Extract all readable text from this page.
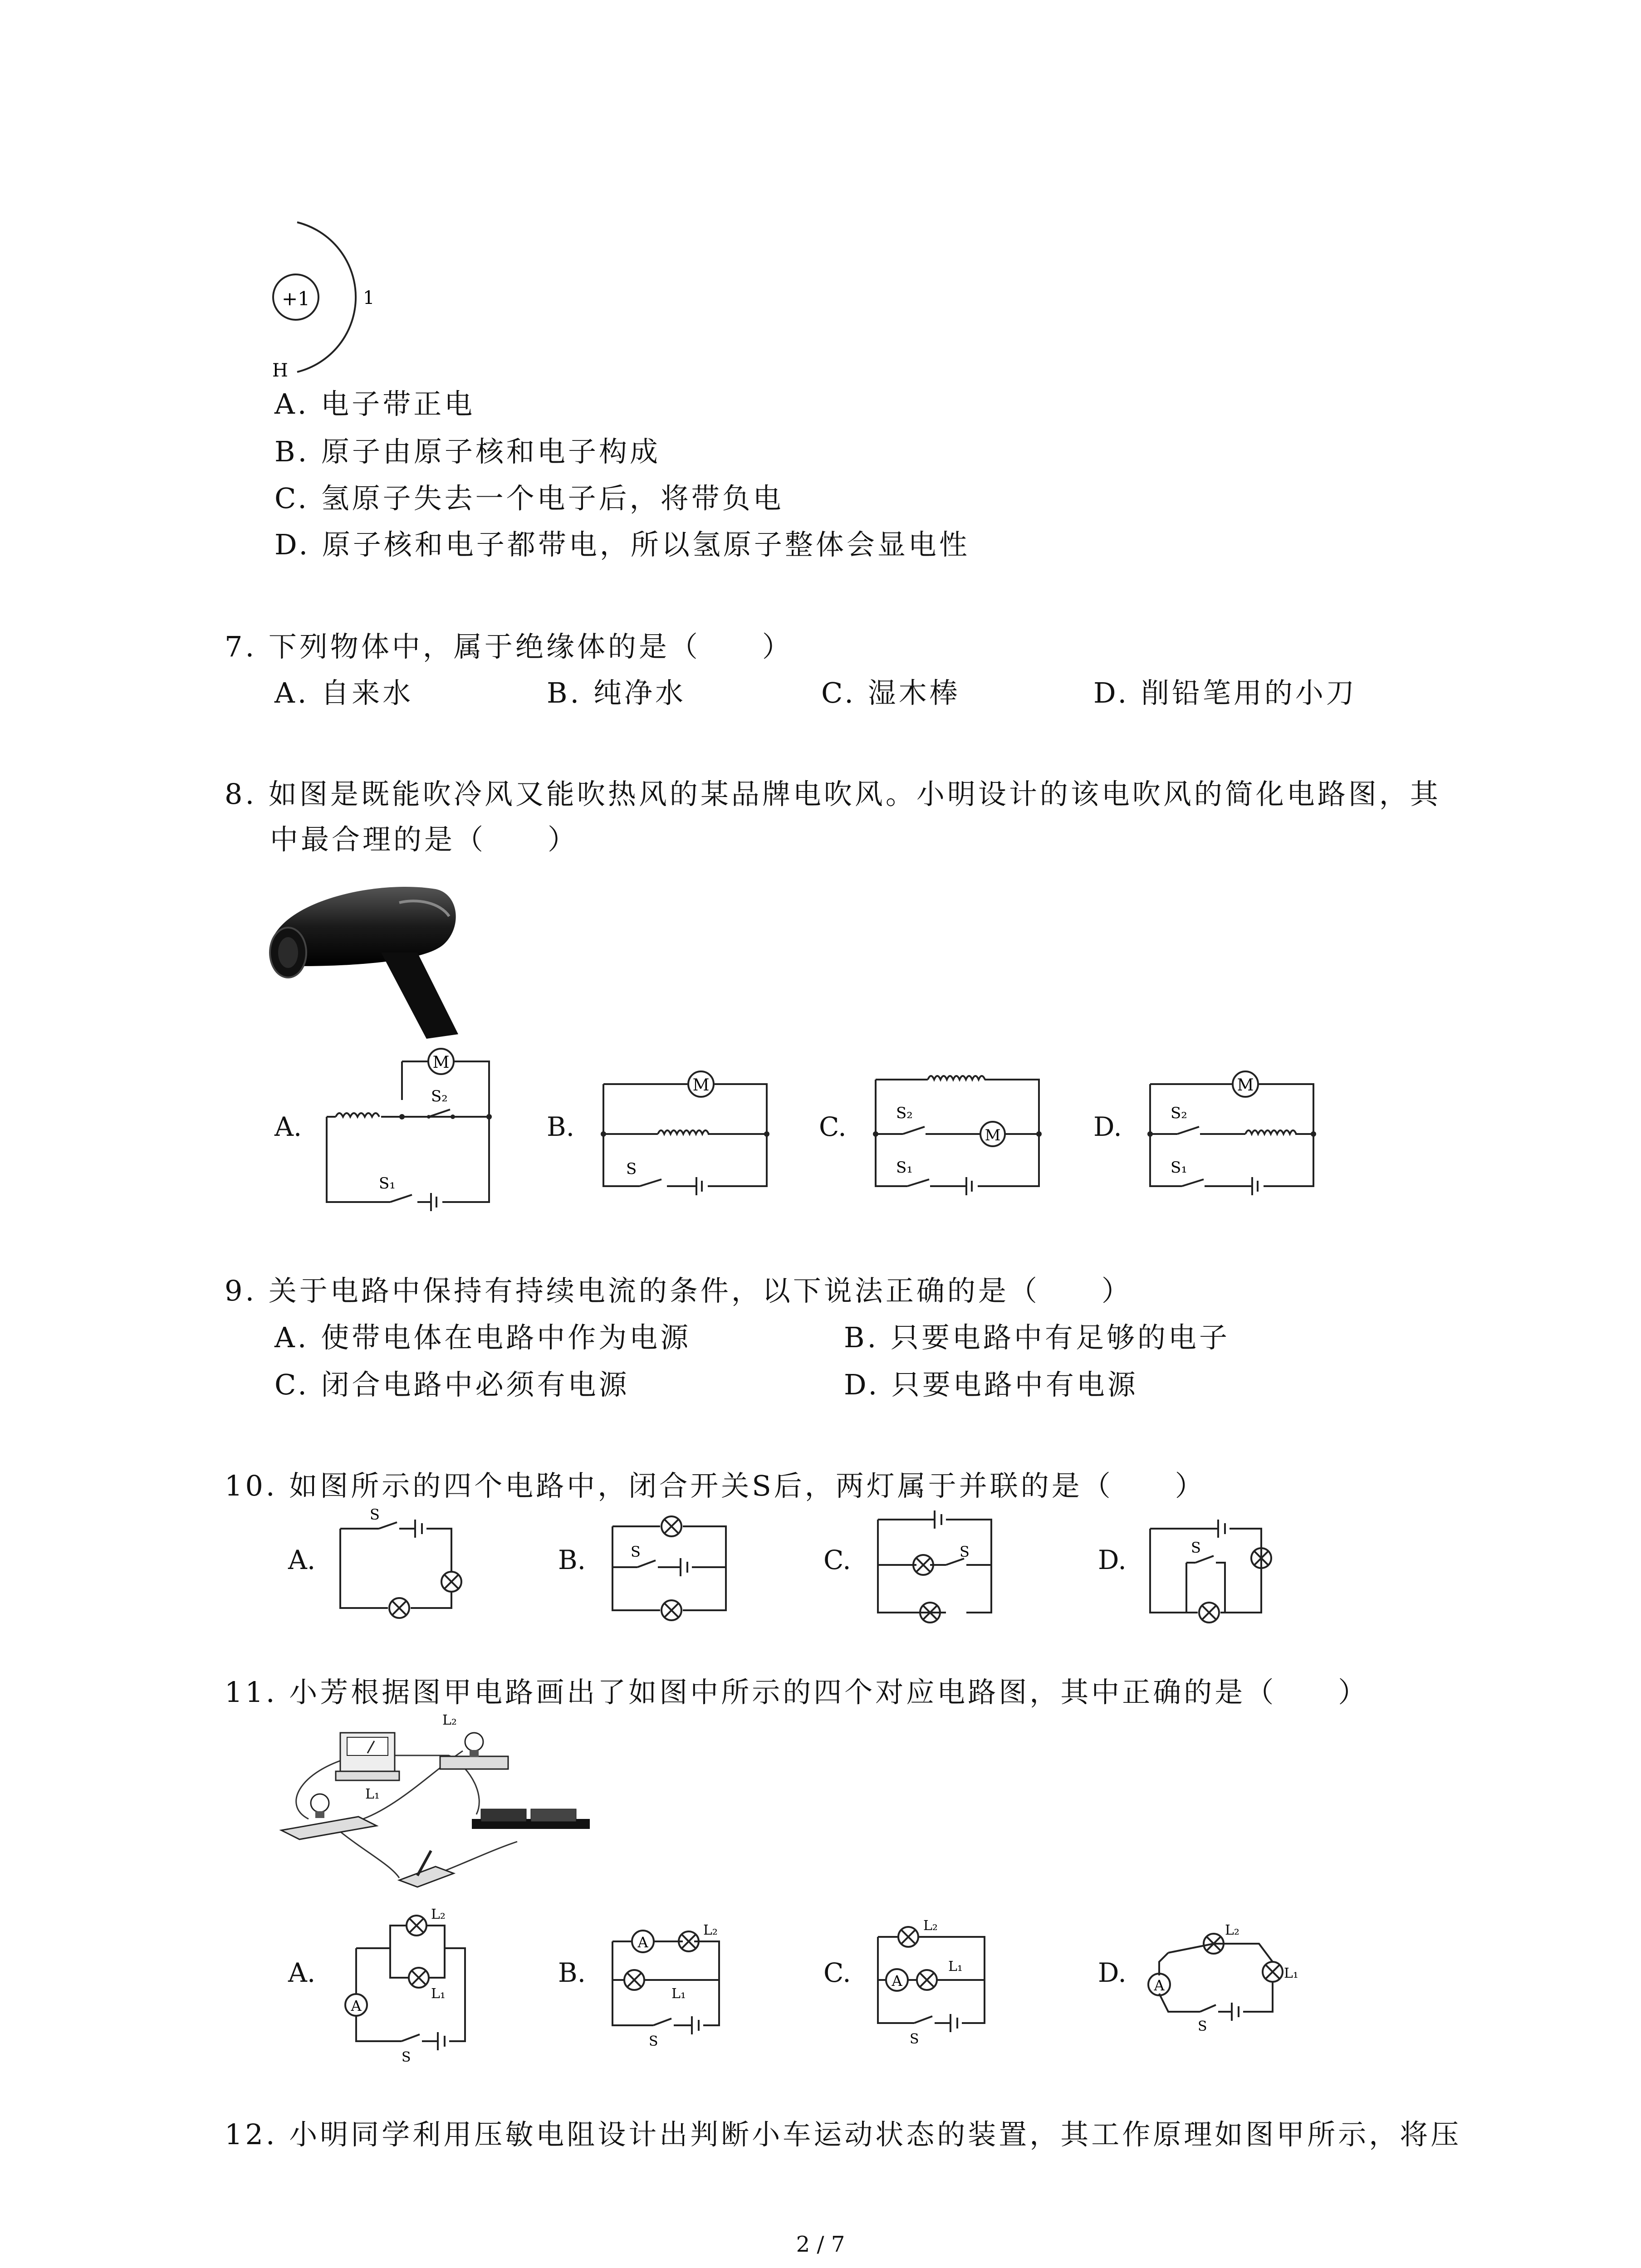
+1	1
H
A. 电子带正电
B. 原子由原子核和电子构成
C. 氢原子失去一个电子后，将带负电
D. 原子核和电子都带电，所以氢原子整体会显电性
7. 下列物体中，属于绝缘体的是（　　）
A. 自来水	B. 纯净水	C. 湿木棒	D. 削铅笔用的小刀
8. 如图是既能吹冷风又能吹热风的某品牌电吹风。小明设计的该电吹风的简化电路图，其
中最合理的是（　　）
A.
M
S₂
S₁
B.
M
S
C.	M
S₂
S₁
D.
M
S₂
S₁
9. 关于电路中保持有持续电流的条件，以下说法正确的是（　　）
A. 使带电体在电路中作为电源	B. 只要电路中有足够的电子
C. 闭合电路中必须有电源	D. 只要电路中有电源
10. 如图所示的四个电路中，闭合开关S后，两灯属于并联的是（　　）
A.
S
B.	S	C.	S	D.	S
11. 小芳根据图甲电路画出了如图中所示的四个对应电路图，其中正确的是（　　）
L₂
L₁
A.
A
L₂
L₁
S
B.
A
L₂
L₁
S
C.
L₂
A
L₁
S
D. A
L₂
L₁
S
12. 小明同学利用压敏电阻设计出判断小车运动状态的装置，其工作原理如图甲所示，将压
2 / 7
